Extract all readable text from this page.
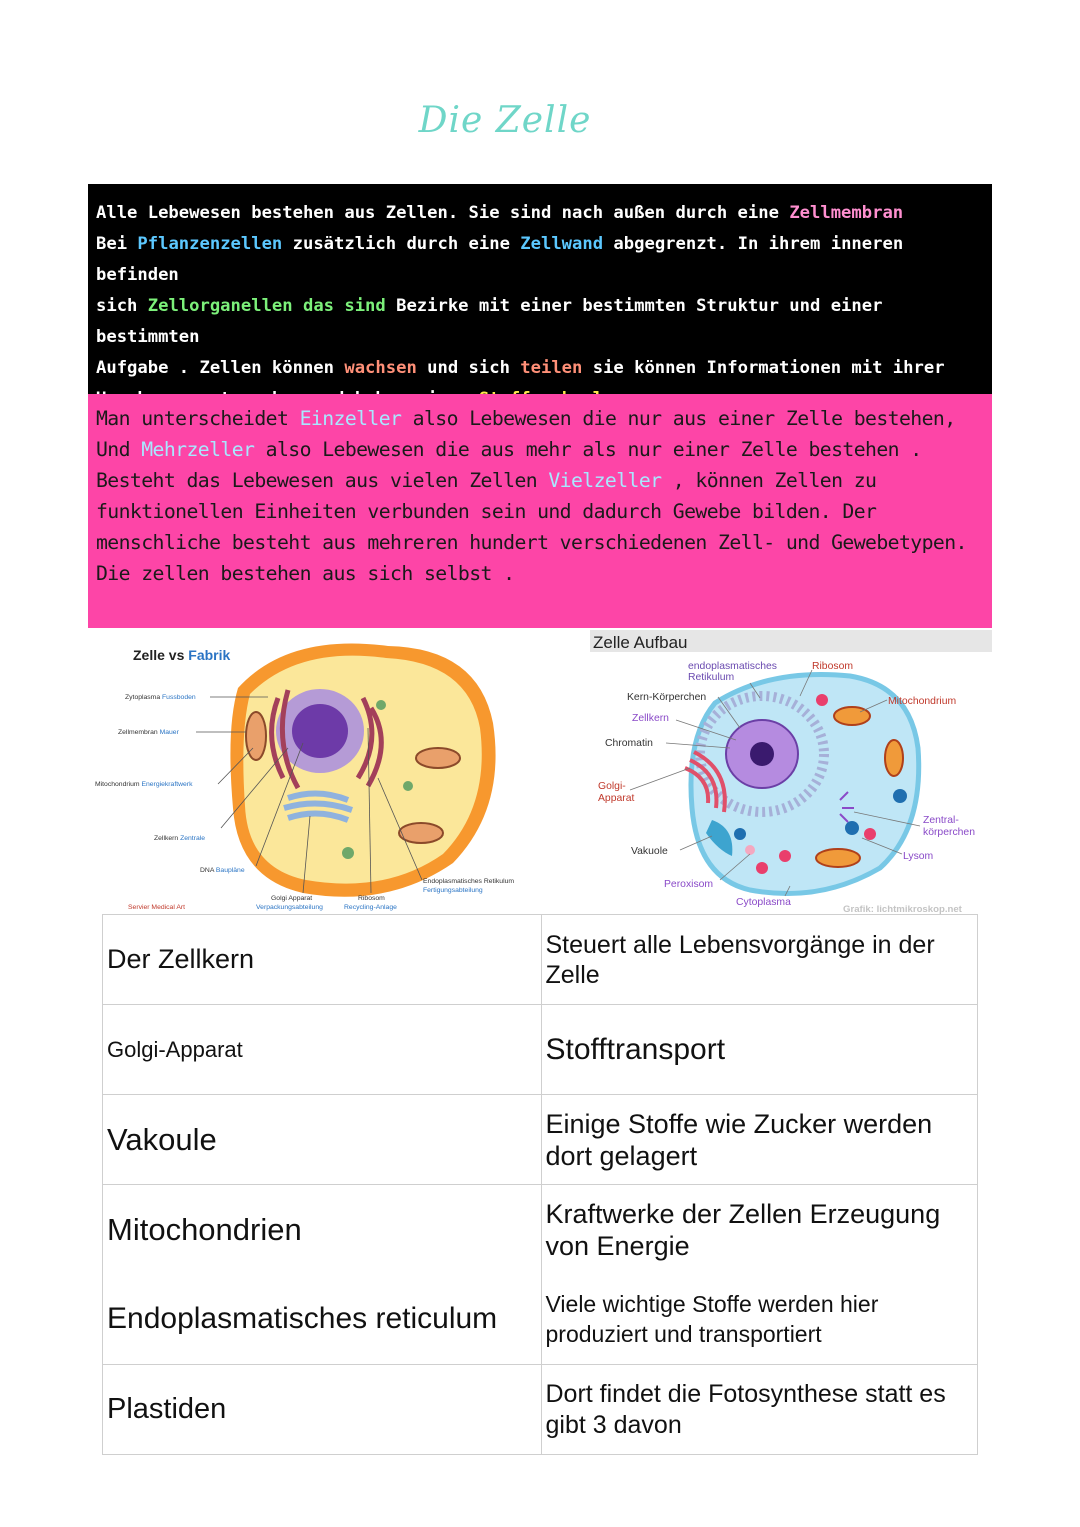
Die Zelle
Alle Lebewesen bestehen aus Zellen. Sie sind nach außen durch eine Zellmembran
Bei Pflanzenzellen zusätzlich durch eine Zellwand abgegrenzt. In ihrem inneren befinden
sich Zellorganellen das sind Bezirke mit einer bestimmten Struktur und einer bestimmten
Aufgabe . Zellen können wachsen und sich teilen sie können Informationen mit ihrer
Man unterscheidet Einzeller also Lebewesen die nur aus einer Zelle bestehen,
Und Mehrzeller also Lebewesen die aus mehr als nur einer Zelle bestehen .
Besteht das Lebewesen aus vielen Zellen Vielzeller , können Zellen zu
funktionellen Einheiten verbunden sein und dadurch Gewebe bilden. Der
menschliche besteht aus mehreren hundert verschiedenen Zell- und Gewebetypen.
Die zellen bestehen aus sich selbst .
Zelle vs Fabrik
Zytoplasma Fussboden
Zellmembran Mauer
Mitochondrium Energiekraftwerk
Zellkern Zentrale
DNA Baupläne
Golgi Apparat
Verpackungsabteilung
Ribosom
Recycling-Anlage
Endoplasmatisches Retikulum
Fertigungsabteilung
Servier Medical Art
Zelle Aufbau
endoplasmatisches
Retikulum
Ribosom
Kern-Körperchen
Zellkern
Chromatin
Golgi-
Apparat
Mitochondrium
Zentral-
körperchen
Lysom
Vakuole
Peroxisom
Cytoplasma
Grafik: lichtmikroskop.net
Der Zellkern	Steuert alle Lebensvorgänge in der Zelle
Golgi-Apparat	Stofftransport
Vakoule	Einige Stoffe wie Zucker werden dort gelagert
Mitochondrien	Kraftwerke der Zellen Erzeugung von Energie
Endoplasmatisches reticulum	Viele wichtige Stoffe werden hier produziert und transportiert
Plastiden	Dort findet die Fotosynthese statt es gibt 3 davon
